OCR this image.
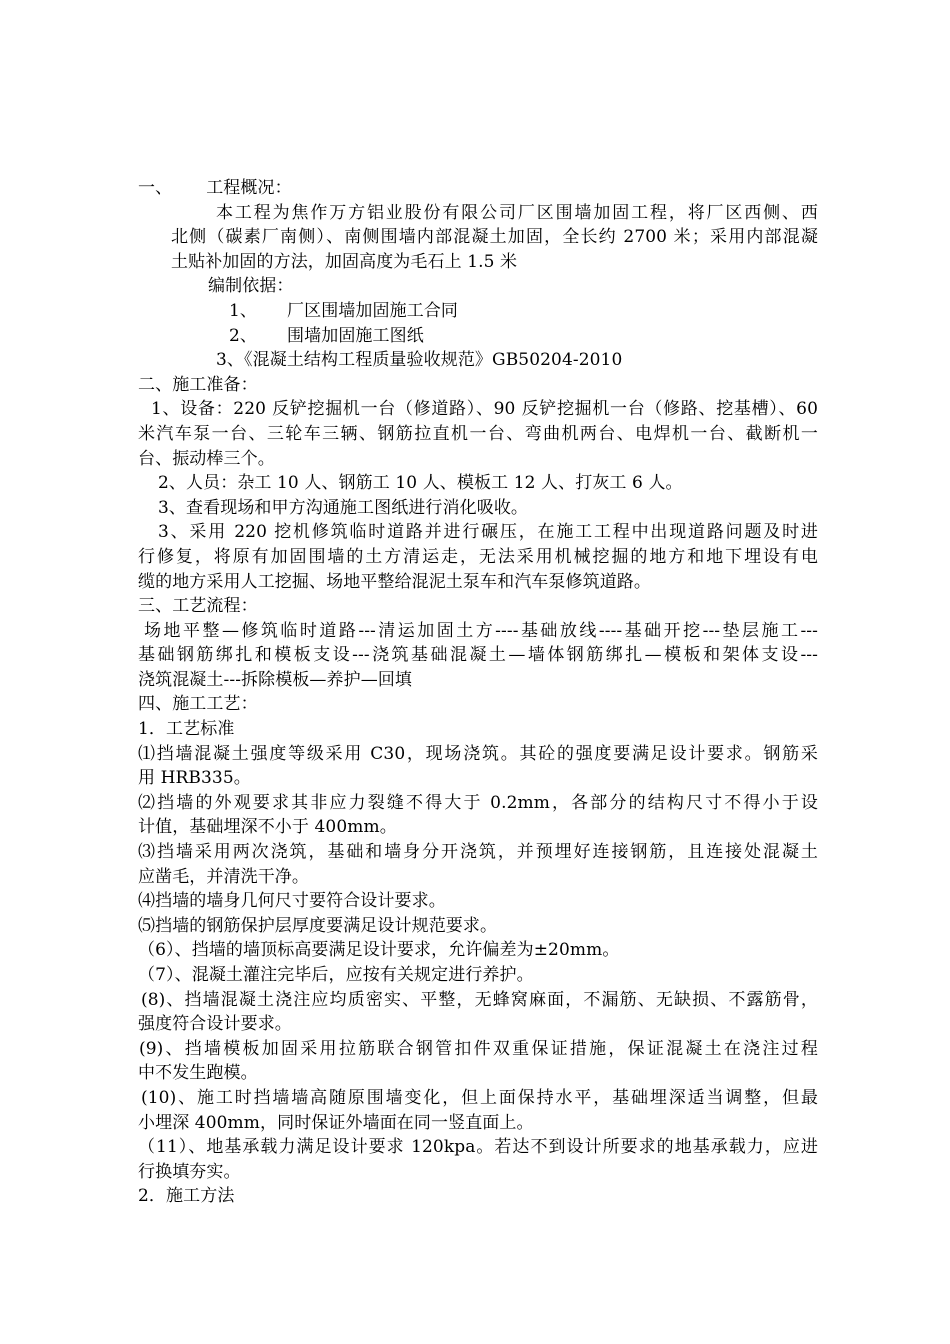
一、 工程概况：
本工程为焦作万方铝业股份有限公司厂区围墙加固工程，将厂区西侧、西
北侧（碳素厂南侧）、南侧围墙内部混凝土加固，全长约 2700 米；采用内部混凝
土贴补加固的方法，加固高度为毛石上 1.5 米
编制依据：
1、 厂区围墙加固施工合同
2、 围墙加固施工图纸
3、《混凝土结构工程质量验收规范》GB50204-2010
二、施工准备：
1、设备：220 反铲挖掘机一台（修道路）、90 反铲挖掘机一台（修路、挖基槽）、60
米汽车泵一台、三轮车三辆、钢筋拉直机一台、弯曲机两台、电焊机一台、截断机一
台、振动棒三个。
2、人员：杂工 10 人、钢筋工 10 人、模板工 12 人、打灰工 6 人。
3、查看现场和甲方沟通施工图纸进行消化吸收。
3、采用 220 挖机修筑临时道路并进行碾压，在施工工程中出现道路问题及时进
行修复，将原有加固围墙的土方清运走，无法采用机械挖掘的地方和地下埋设有电
缆的地方采用人工挖掘、场地平整给混泥土泵车和汽车泵修筑道路。
三、工艺流程：
场地平整—修筑临时道路---清运加固土方----基础放线----基础开挖---垫层施工---
基础钢筋绑扎和模板支设---浇筑基础混凝土—墙体钢筋绑扎—模板和架体支设---
浇筑混凝土---拆除模板—养护—回填
四、施工工艺：
1．工艺标准
⑴挡墙混凝土强度等级采用 C30，现场浇筑。其砼的强度要满足设计要求。钢筋采
用 HRB335。
⑵挡墙的外观要求其非应力裂缝不得大于 0.2mm，各部分的结构尺寸不得小于设
计值，基础埋深不小于 400mm。
⑶挡墙采用两次浇筑，基础和墙身分开浇筑，并预埋好连接钢筋，且连接处混凝土
应凿毛，并清洗干净。
⑷挡墙的墙身几何尺寸要符合设计要求。
⑸挡墙的钢筋保护层厚度要满足设计规范要求。
（6）、挡墙的墙顶标高要满足设计要求，允许偏差为±20mm。
（7）、混凝土灌注完毕后，应按有关规定进行养护。
(8)、挡墙混凝土浇注应均质密实、平整，无蜂窝麻面，不漏筋、无缺损、不露筋骨，
强度符合设计要求。
(9)、挡墙模板加固采用拉筋联合钢管扣件双重保证措施，保证混凝土在浇注过程
中不发生跑模。
(10)、施工时挡墙墙高随原围墙变化，但上面保持水平，基础埋深适当调整，但最
小埋深 400mm，同时保证外墙面在同一竖直面上。
（11）、地基承载力满足设计要求 120kpa。若达不到设计所要求的地基承载力，应进
行换填夯实。
2．施工方法
